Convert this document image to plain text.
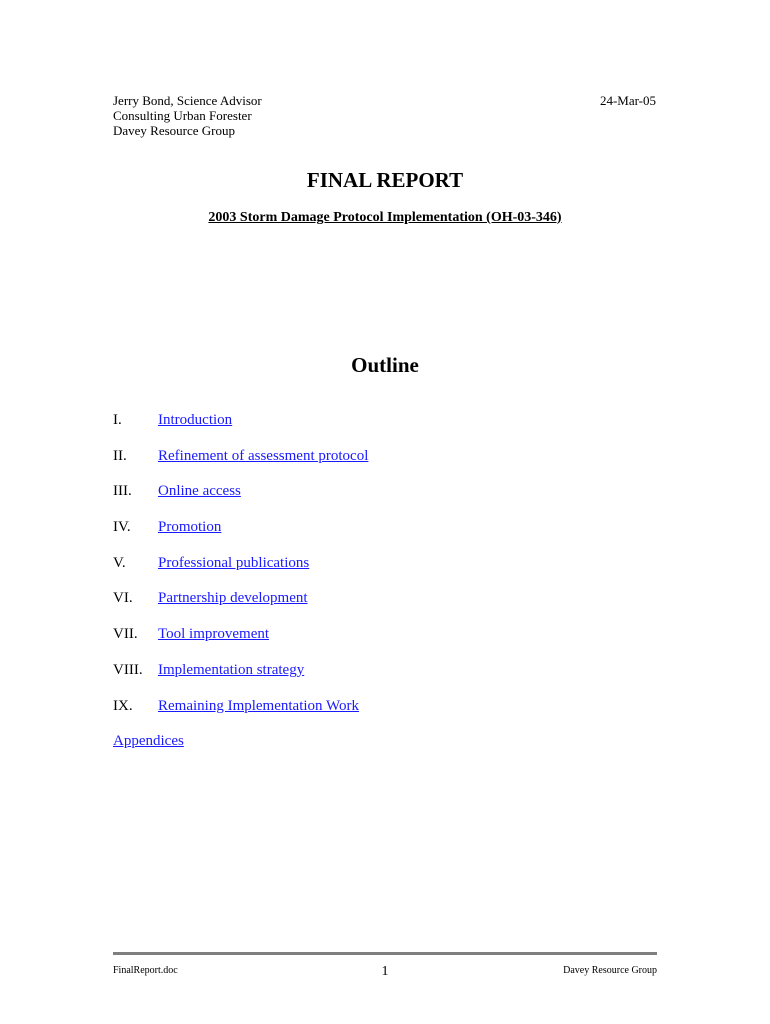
Jerry Bond, Science Advisor
Consulting Urban Forester
Davey Resource Group
24-Mar-05
FINAL REPORT
2003 Storm Damage Protocol Implementation (OH-03-346)
Outline
I.	Introduction
II.	Refinement of assessment protocol
III.	Online access
IV.	Promotion
V.	Professional publications
VI.	Partnership development
VII.	Tool improvement
VIII.	Implementation strategy
IX.	Remaining Implementation Work
Appendices
FinalReport.doc	1	Davey Resource Group
